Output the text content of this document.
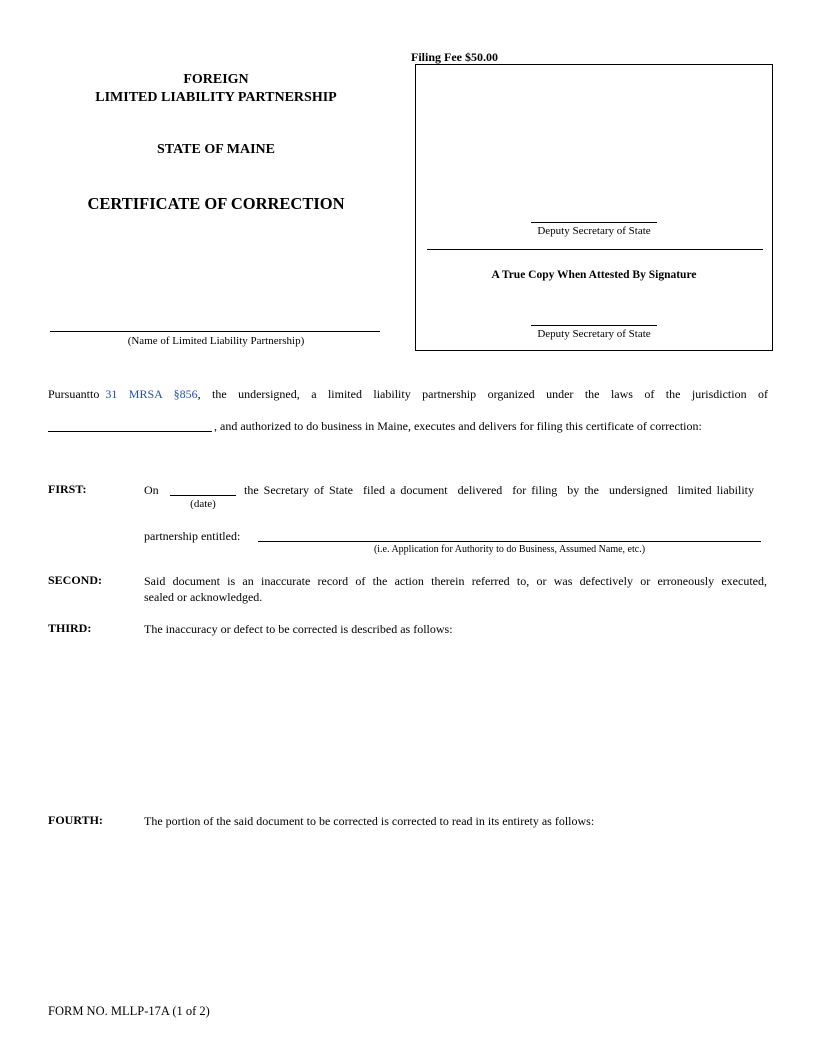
Filing Fee $50.00
FOREIGN
LIMITED LIABILITY PARTNERSHIP
STATE OF MAINE
CERTIFICATE OF CORRECTION
(Name of Limited Liability Partnership)
Deputy Secretary of State
A True Copy When Attested By Signature
Deputy Secretary of State
Pursuant to 31 MRSA §856, the undersigned, a limited liability partnership organized under the laws of the jurisdiction of
, and authorized to do business in Maine, executes and delivers for filing this certificate of correction:
FIRST:	On
(date)
the Secretary of State  filed a document  delivered  for filing  by the  undersigned  limited liability
partnership entitled:
(i.e. Application for Authority to do Business, Assumed Name, etc.)
SECOND:	Said document is an inaccurate record of the action therein referred to, or was defectively or erroneously executed,
sealed or acknowledged.
THIRD:	The inaccuracy or defect to be corrected is described as follows:
FOURTH:	The portion of the said document to be corrected is corrected to read in its entirety as follows:
FORM NO. MLLP-17A (1 of 2)
